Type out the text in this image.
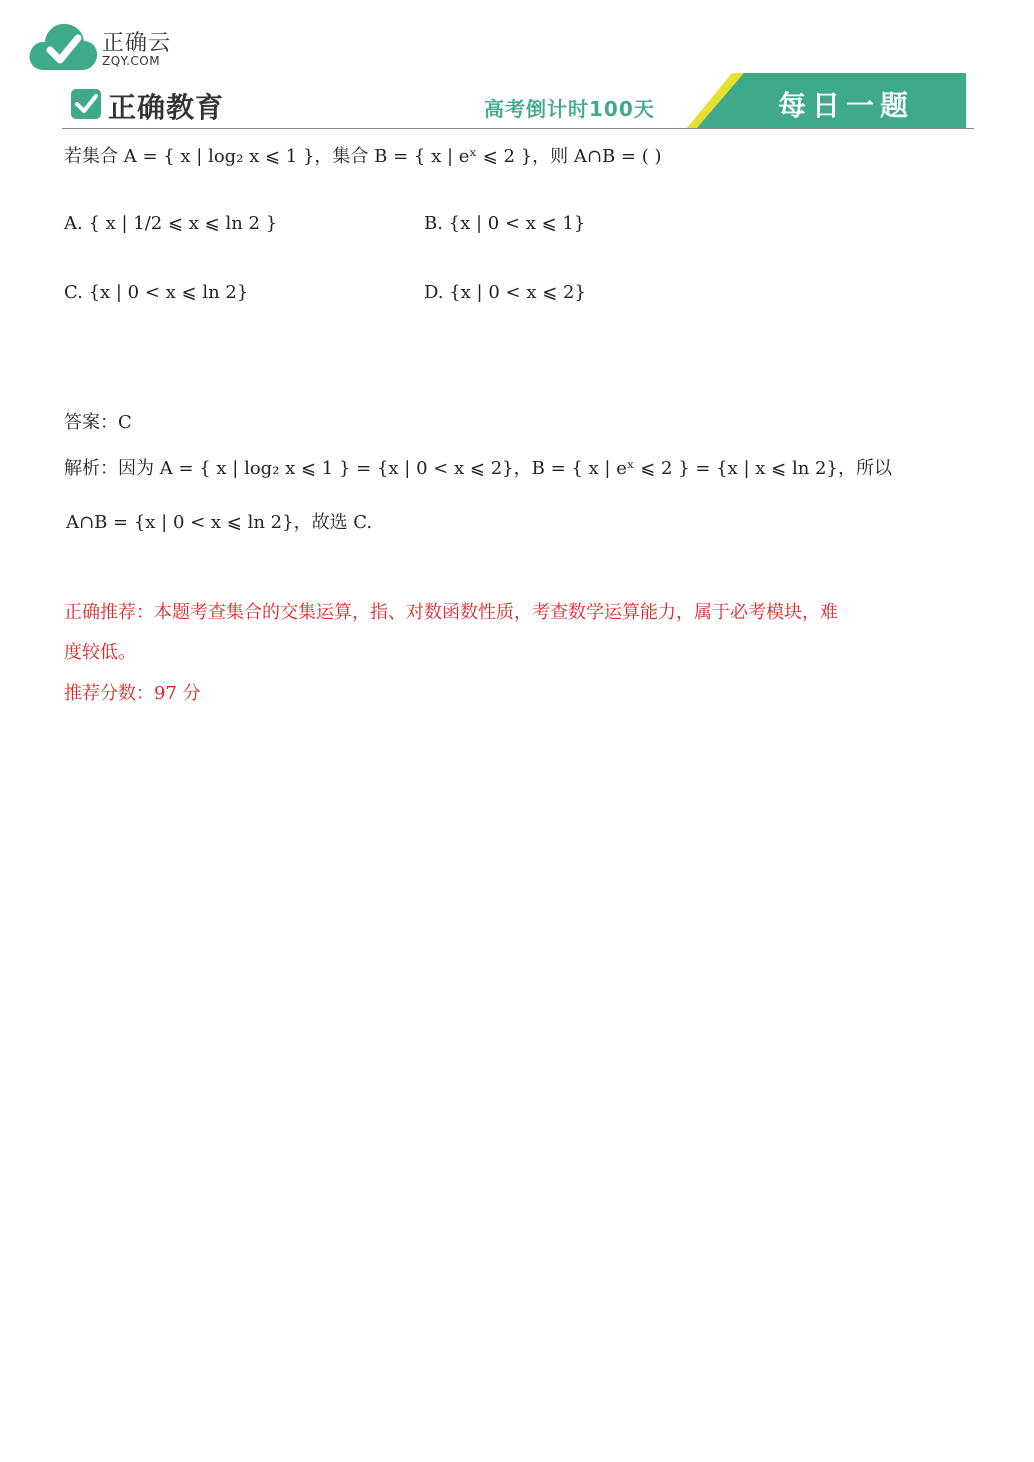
正确云
ZQY.COM
正确教育	高考倒计时100天	每日一题
若集合 A = { x | log₂ x ⩽ 1 }，集合 B = { x | eˣ ⩽ 2 }，则 A∩B = ( )
A. { x | 1/2 ⩽ x ⩽ ln 2 }	B. {x | 0 < x ⩽ 1}
C. {x | 0 < x ⩽ ln 2}	D. {x | 0 < x ⩽ 2}
答案：C
解析：因为 A = { x | log₂ x ⩽ 1 } = {x | 0 < x ⩽ 2}，B = { x | eˣ ⩽ 2 } = {x | x ⩽ ln 2}，所以
A∩B = {x | 0 < x ⩽ ln 2}，故选 C.
正确推荐：本题考查集合的交集运算，指、对数函数性质，考查数学运算能力，属于必考模块，难
度较低。
推荐分数：97 分
